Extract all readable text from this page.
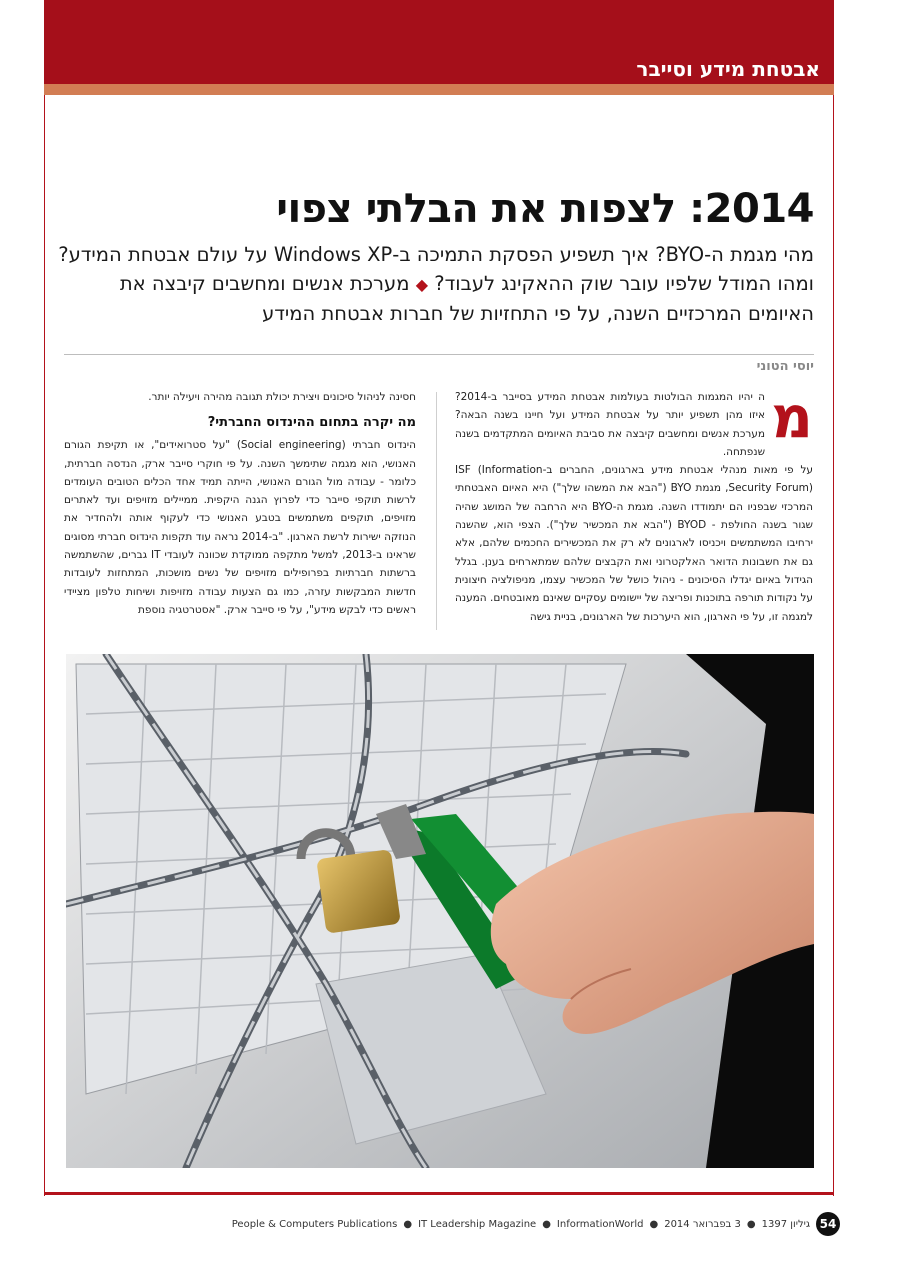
אבטחת מידע וסייבר
2014: לצפות את הבלתי צפוי
מהי מגמת ה-BYO? איך תשפיע הפסקת התמיכה ב-Windows XP על עולם אבטחת המידע? ומהו המודל שלפיו עובר שוק ההאקינג לעבוד? ◆ מערכת אנשים ומחשבים קיבצה את האיומים המרכזיים השנה, על פי התחזיות של חברות אבטחת המידע
יוסי הטוני
מ

ה יהיו המגמות הבולטות בעולמות אבטחת המידע בסייבר ב-2014? איזו מהן תשפיע יותר על אבטחת המידע ועל חיינו בשנה הבאה? מערכת אנשים ומחשבים קיבצה את סביבת האיומים המתקדמים בשנה שנפתחה.

על פי מאות מנהלי אבטחת מידע בארגונים, החברים ב-ISF (Information Security Forum), מגמת BYO ("הבא את המשהו שלך") היא האיום האבטחתי המרכזי שבפניו הם יתמודדו השנה. מגמת ה-BYO היא הרחבה של המושג שהיה שגור בשנה החולפת - BYOD ("הבא את המכשיר שלך"). הצפי הוא, שהשנה ירחיבו המשתמשים ויכניסו לארגונים לא רק את המכשירים החכמים שלהם, אלא גם את חשבונות הדואר האלקטרוני ואת הקבצים שלהם שמתארחים בענן. בגלל הגידול באיום יגדלו הסיכונים - ניהול כושל של המכשיר עצמו, מניפולציה חיצונית על נקודות תורפה בתוכנות ופריצה של יישומים עסקיים שאינם מאובטחים. המענה למגמה זו, על פי הארגון, הוא היערכות של הארגונים, בניית גישה

חסינה לניהול סיכונים ויצירת יכולת תגובה מהירה ויעילה יותר.

מה יקרה בתחום ההינדוס החברתי?

הינדוס חברתי (Social engineering) "על סטרואידים", או תקיפת הגורם האנושי, הוא מגמה שתימשך השנה. על פי חוקרי סייבר ארק, הנדסה חברתית, כלומר - עבודה מול הגורם האנושי, הייתה תמיד אחד הכלים הטובים העומדים לרשות תוקפי סייבר כדי לפרוץ הגנה היקפית. ממיילים מזויפים ועד לאתרים מזויפים, תוקפים משתמשים בטבע האנושי כדי לעקוף אותה ולהחדיר את הנוזקה ישירות לרשת הארגון. "ב-2014 נראה עוד תקפות הינדוס חברתי מסוגים שראינו ב-2013, למשל מתקפה ממוקדת שכוונה לעובדי IT גברים, שהשתמשה ברשתות חברתיות בפרופילים מזויפים של נשים מושכות, המתחזות לעובדות חדשות המבקשות עזרה, כמו גם הצעות עבודה מזויפות ושיחות טלפון מציידי ראשים כדי לבקש מידע", על פי סייבר ארק. "אסטרטגיה נוספת

54
גיליון 1397
●
3 בפברואר 2014
●
InformationWorld
●
IT Leadership Magazine
●
People & Computers Publications
